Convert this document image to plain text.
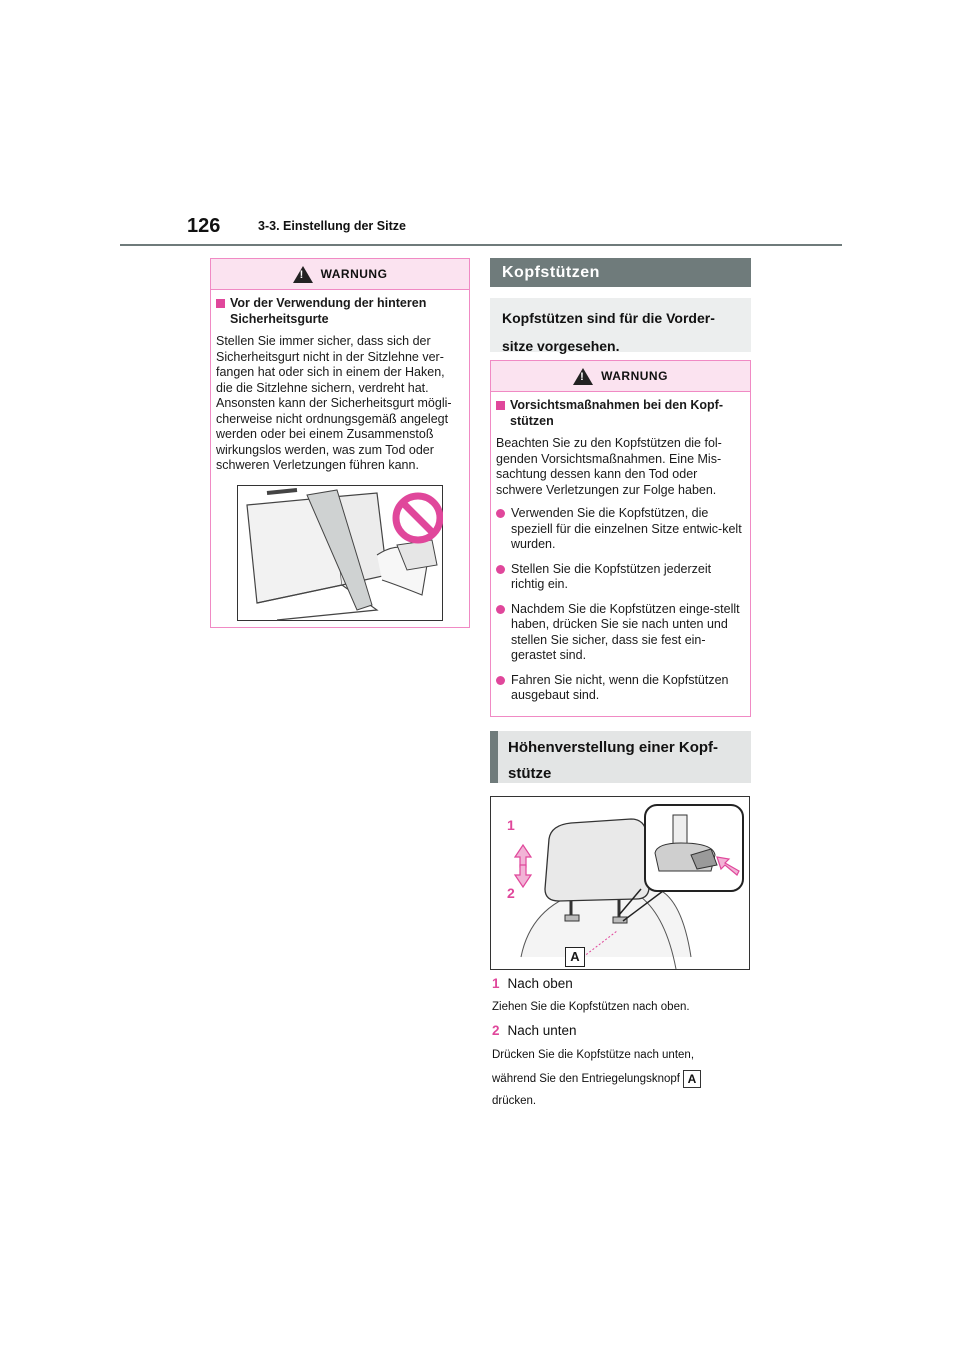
126	3-3. Einstellung der Sitze
!
WARNUNG
Vor der Verwendung der hinteren Sicherheitsgurte

Stellen Sie immer sicher, dass sich der Sicherheitsgurt nicht in der Sitzlehne ver-fangen hat oder sich in einem der Haken, die die Sitzlehne sichern, verdreht hat. Ansonsten kann der Sicherheitsgurt mögli-cherweise nicht ordnungsgemäß angelegt werden oder bei einem Zusammenstoß wirkungslos werden, was zum Tod oder schweren Verletzungen führen kann.

Kopfstützen
Kopfstützen sind für die Vorder-sitze vorgesehen.
!
WARNUNG
Vorsichtsmaßnahmen bei den Kopf-stützen

Beachten Sie zu den Kopfstützen die fol-genden Vorsichtsmaßnahmen. Eine Mis-sachtung dessen kann den Tod oder schwere Verletzungen zur Folge haben.

Verwenden Sie die Kopfstützen, die speziell für die einzelnen Sitze entwic-kelt wurden.
Stellen Sie die Kopfstützen jederzeit richtig ein.
Nachdem Sie die Kopfstützen einge-stellt haben, drücken Sie sie nach unten und stellen Sie sicher, dass sie fest ein-gerastet sind.
Fahren Sie nicht, wenn die Kopfstützen ausgebaut sind.
Höhenverstellung einer Kopf-stütze
1
2
A
1 Nach oben
Ziehen Sie die Kopfstützen nach oben.
2 Nach unten
Drücken Sie die Kopfstütze nach unten,
während Sie den Entriegelungsknopf A
drücken.
